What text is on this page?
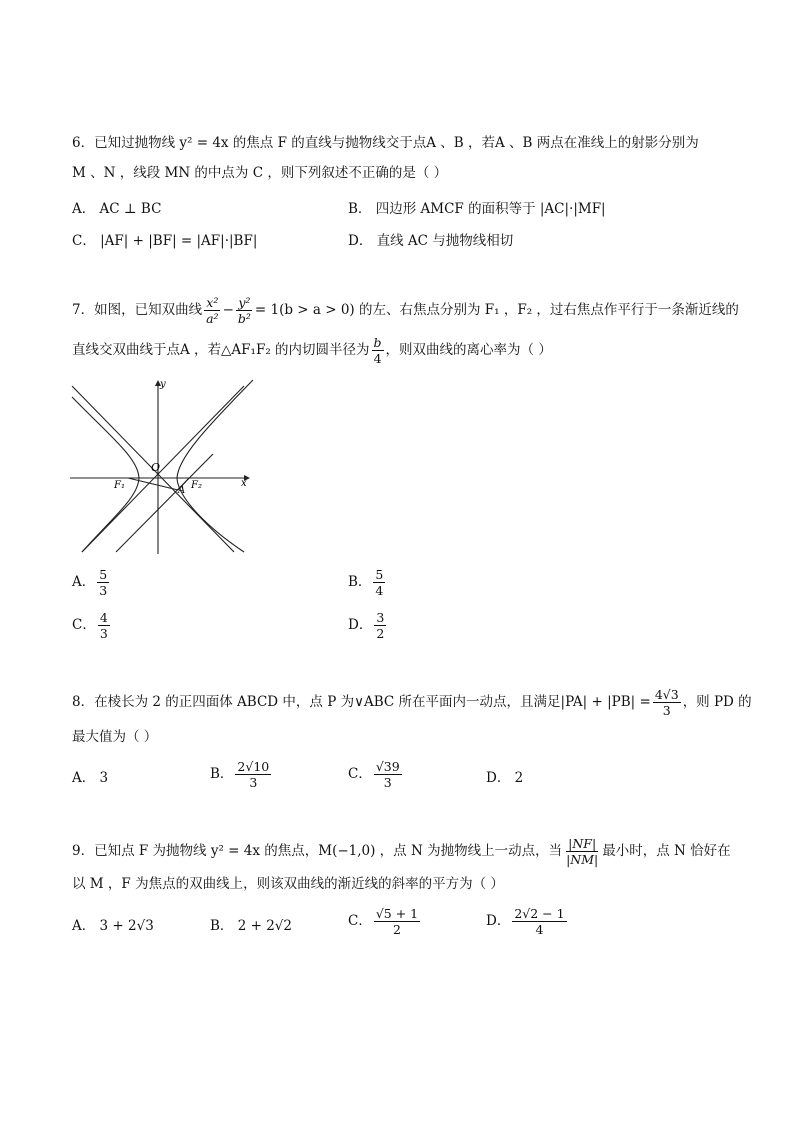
6．已知过抛物线 y² = 4x 的焦点 F 的直线与抛物线交于点A 、B ，若A 、B 两点在准线上的射影分别为
M 、N ，线段 MN 的中点为 C ，则下列叙述不正确的是（ ）
A． AC ⊥ BC	B． 四边形 AMCF 的面积等于 |AC|·|MF|
C． |AF| + |BF| = |AF|·|BF|	D． 直线 AC 与抛物线相切
7．如图，已知双曲线 $\frac{\text{x²}}{\text{a²}} - \frac{\text{y²}}{\text{b²}} = 1(b > a > 0)$ 的左、右焦点分别为 F₁ ，F₂ ，过右焦点作平行于一条渐近线的
直线交双曲线于点A ，若△AF₁F₂ 的内切圆半径为 $\frac{b}{4}$ ，则双曲线的离心率为（ ）
y
x
O
F₁	F₂
A
A． $\frac{5}{3}$	B． $\frac{5}{4}$
C． $\frac{4}{3}$	D． $\frac{3}{2}$
8．在棱长为 2 的正四面体 ABCD 中，点 P 为∨ABC 所在平面内一动点，且满足$|PA| + |PB| = \frac{4√3}{3}$ ，则 PD 的
最大值为（ ）
A． 3	B． $\frac{2√10}{3}$	C． $\frac{√39}{3}$	D． 2
9．已知点 F 为抛物线 y² = 4x 的焦点，M(−1,0) ，点 N 为抛物线上一动点，当 $\frac{|NF|}{|NM|}$ 最小时，点 N 恰好在
以 M ，F 为焦点的双曲线上，则该双曲线的渐近线的斜率的平方为（ ）
A． 3 + 2√3	B． 2 + 2√2	C． $\frac{√5 + 1}{2}$	D． $\frac{2√2 - 1}{4}$
